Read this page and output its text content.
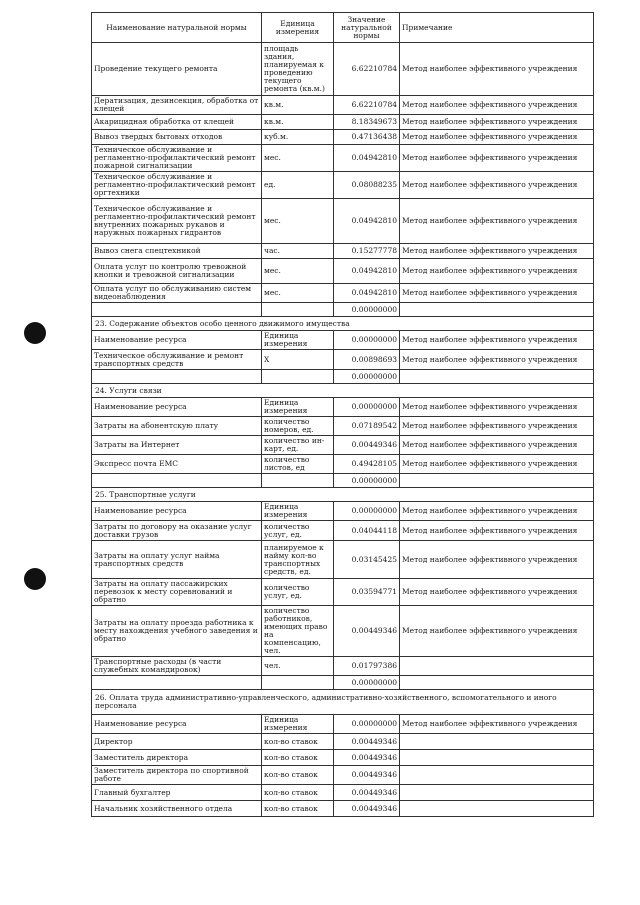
Наименование натуральной нормы	Единица измерения	Значение натуральной нормы	Примечание
Проведение текущего ремонта	площадь здания, планируемая к проведению текущего ремонта (кв.м.)	6.62210784	Метод наиболее эффективного учреждения
Дератизация, дезинсекция, обработка от клещей	кв.м.	6.62210784	Метод наиболее эффективного учреждения
Акарицидная обработка от клещей	кв.м.	8.18349673	Метод наиболее эффективного учреждения
Вывоз твердых бытовых отходов	куб.м.	0.47136438	Метод наиболее эффективного учреждения
Техническое обслуживание и регламентно-профилактический ремонт пожарной сигнализации	мес.	0.04942810	Метод наиболее эффективного учреждения
Техническое обслуживание и регламентно-профилактический ремонт оргтехники	ед.	0.08088235	Метод наиболее эффективного учреждения
Техническое обслуживание и регламентно-профилактический ремонт внутренних пожарных рукавов и наружных пожарных гидрантов	мес.	0.04942810	Метод наиболее эффективного учреждения
Вывоз снега спецтехникой	час.	0.15277778	Метод наиболее эффективного учреждения
Оплата услуг по контролю тревожной кнопки и тревожной сигнализации	мес.	0.04942810	Метод наиболее эффективного учреждения
Оплата услуг по обслуживанию систем видеонаблюдения	мес.	0.04942810	Метод наиболее эффективного учреждения
		0.00000000	
23. Содержание объектов особо ценного движимого имущества			
Наименование ресурса	Единица измерения	0.00000000	Метод наиболее эффективного учреждения
Техническое обслуживание и ремонт транспортных средств	Х	0.00898693	Метод наиболее эффективного учреждения
		0.00000000	
24. Услуги связи			
Наименование ресурса	Единица измерения	0.00000000	Метод наиболее эффективного учреждения
Затраты на абонентскую плату	количество номеров, ед.	0.07189542	Метод наиболее эффективного учреждения
Затраты на Интернет	количество ин-карт, ед.	0.00449346	Метод наиболее эффективного учреждения
Экспресс почта ЕМС	количество листов, ед	0.49428105	Метод наиболее эффективного учреждения
		0.00000000	
25. Транспортные услуги			
Наименование ресурса	Единица измерения	0.00000000	Метод наиболее эффективного учреждения
Затраты по договору на оказание услуг доставки грузов	количество услуг, ед.	0.04044118	Метод наиболее эффективного учреждения
Затраты на оплату услуг найма транспортных средств	планируемое к найму кол-во транспортных средств, ед.	0.03145425	Метод наиболее эффективного учреждения
Затраты на оплату пассажирских перевозок к месту соревнований и обратно	количество услуг, ед.	0.03594771	Метод наиболее эффективного учреждения
Затраты на оплату проезда работника к месту нахождения учебного заведения и обратно	количество работников, имеющих право на компенсацию, чел.	0.00449346	Метод наиболее эффективного учреждения
Транспортные расходы (в части служебных командировок)	чел.	0.01797386	
		0.00000000	
26. Оплата труда административно-управленческого, административно-хозяйственного, вспомогательного и иного персонала			
Наименование ресурса	Единица измерения	0.00000000	Метод наиболее эффективного учреждения
Директор	кол-во ставок	0.00449346	
Заместитель директора	кол-во ставок	0.00449346	
Заместитель директора по спортивной работе	кол-во ставок	0.00449346	
Главный бухгалтер	кол-во ставок	0.00449346	
Начальник хозяйственного отдела	кол-во ставок	0.00449346	
